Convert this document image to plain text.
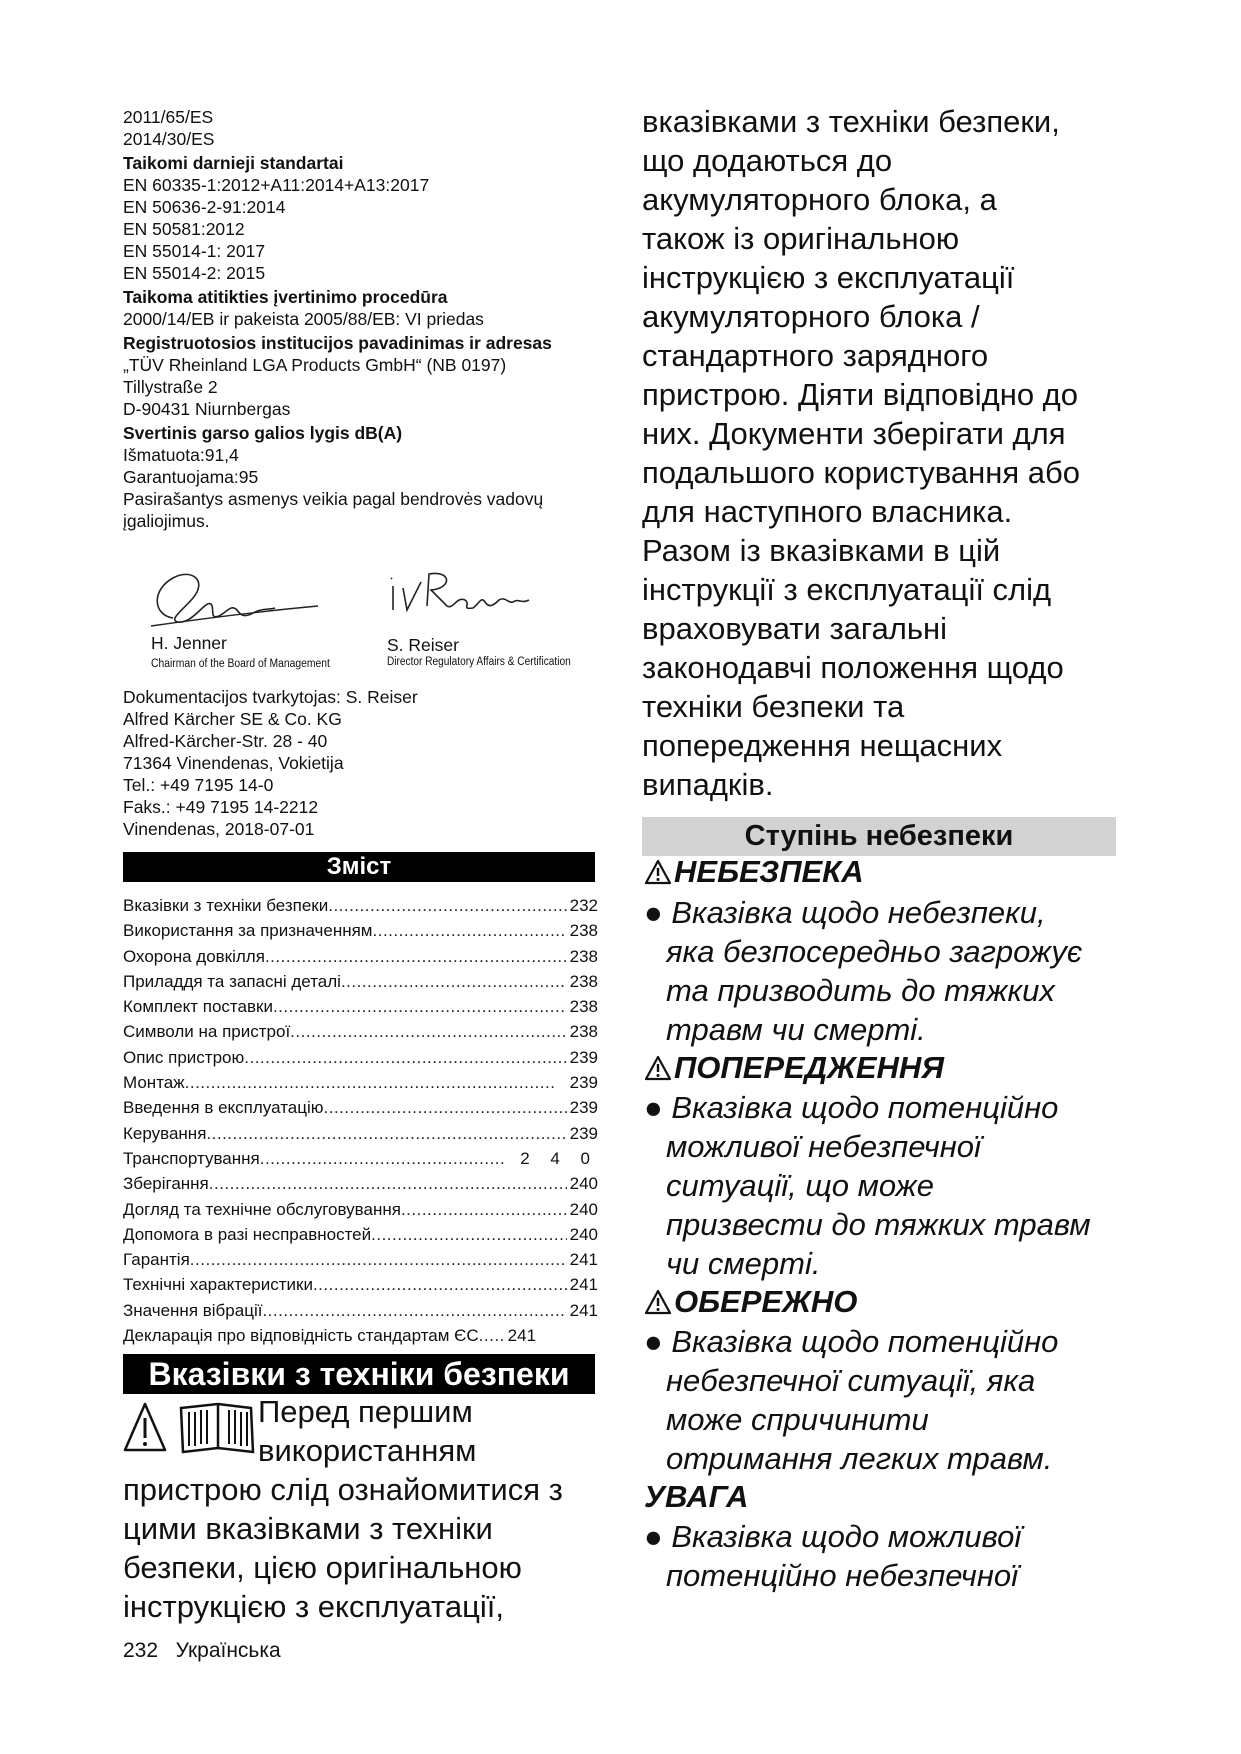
2011/65/ES
2014/30/ES
Taikomi darnieji standartai
EN 60335-1:2012+A11:2014+A13:2017
EN 50636-2-91:2014
EN 50581:2012
EN 55014-1: 2017
EN 55014-2: 2015
Taikoma atitikties įvertinimo procedūra
2000/14/EB ir pakeista 2005/88/EB: VI priedas
Registruotosios institucijos pavadinimas ir adresas
„TÜV Rheinland LGA Products GmbH“ (NB 0197)
Tillystraße 2
D-90431 Niurnbergas
Svertinis garso galios lygis dB(A)
Išmatuota:91,4
Garantuojama:95
Pasirašantys asmenys veikia pagal bendrovės vadovų įgaliojimus.
H. Jenner
Chairman of the Board of Management
S. Reiser
Director Regulatory Affairs & Certification
Dokumentacijos tvarkytojas: S. Reiser
Alfred Kärcher SE & Co. KG
Alfred-Kärcher-Str. 28 - 40
71364 Vinendenas, Vokietija
Tel.: +49 7195 14-0
Faks.: +49 7195 14-2212
Vinendenas, 2018-07-01
Зміст
Вказівки з техніки безпеки .....	232
Використання за призначенням .....	238
Охорона довкілля .....	238
Приладдя та запасні деталі .....	238
Комплект поставки .....	238
Символи на пристрої .....	238
Опис пристрою .....	239
Монтаж .....	239
Введення в експлуатацію .....	239
Керування .....	239
Транспортування .....	2 4 0
Зберігання .....	240
Догляд та технічне обслуговування .....	240
Допомога в разі несправностей .....	240
Гарантія .....	241
Технічні характеристики .....	241
Значення вібрації .....	241
Декларація про відповідність стандартам ЄС ..... 241
Вказівки з техніки безпеки
Перед першим
використанням
пристрою слід ознайомитися з
цими вказівками з техніки
безпеки, цією оригінальною
інструкцією з експлуатації,
232 Українська
вказівками з техніки безпеки,
що додаються до
акумуляторного блока, а
також із оригінальною
інструкцією з експлуатації
акумуляторного блока /
стандартного зарядного
пристрою. Діяти відповідно до
них. Документи зберігати для
подальшого користування або
для наступного власника.
Разом із вказівками в цій
інструкції з експлуатації слід
враховувати загальні
законодавчі положення щодо
техніки безпеки та
попередження нещасних
випадків.
Ступінь небезпеки
НЕБЕЗПЕКА
● Вказівка щодо небезпеки,
яка безпосередньо загрожує
та призводить до тяжких
травм чи смерті.
ПОПЕРЕДЖЕННЯ
● Вказівка щодо потенційно
можливої небезпечної
ситуації, що може
призвести до тяжких травм
чи смерті.
ОБЕРЕЖНО
● Вказівка щодо потенційно
небезпечної ситуації, яка
може спричинити
отримання легких травм.
УВАГА
● Вказівка щодо можливої
потенційно небезпечної
